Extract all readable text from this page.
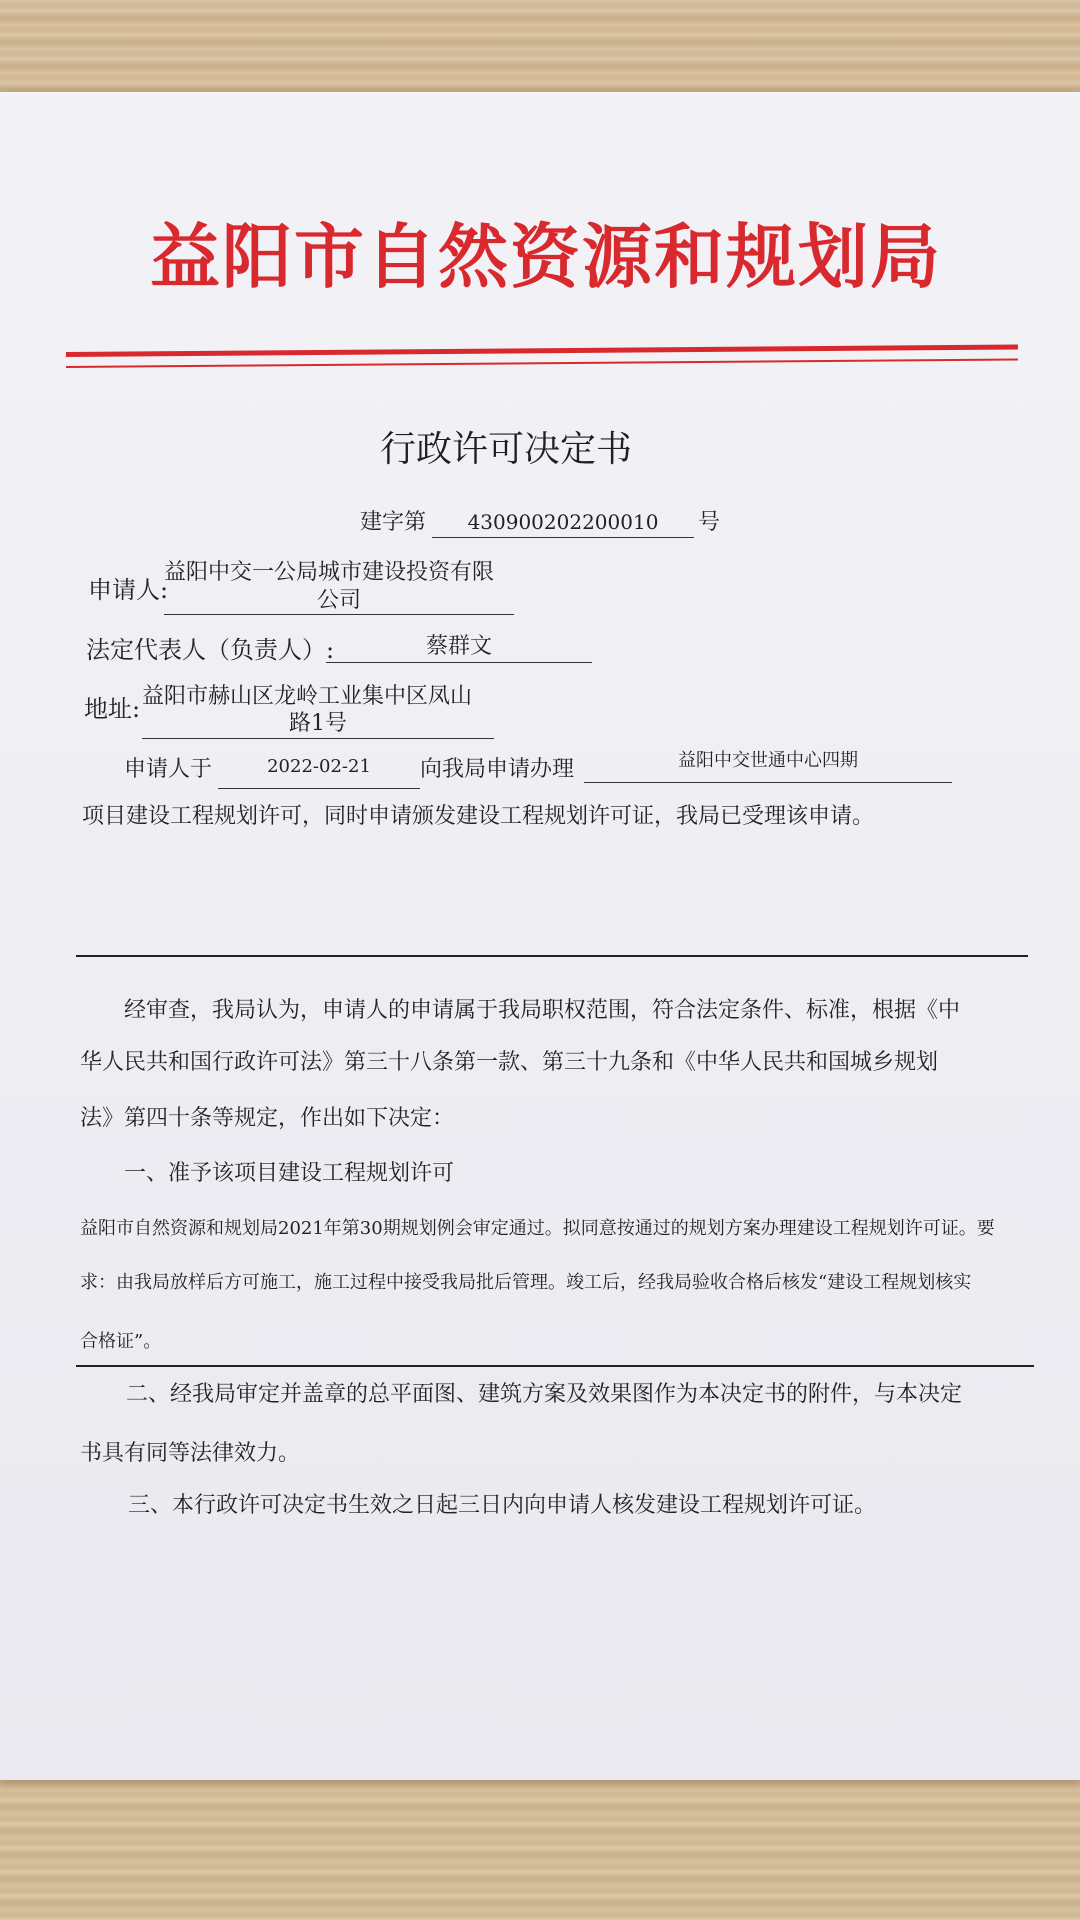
益阳市自然资源和规划局
行政许可决定书
建字第	430900202200010	号
申请人:
益阳中交一公局城市建设投资有限
公司
法定代表人（负责人）:	蔡群文
地址: 益阳市赫山区龙岭工业集中区凤山
路1号
申请人于	2022-02-21	向我局申请办理	益阳中交世通中心四期
项目建设工程规划许可，同时申请颁发建设工程规划许可证，我局已受理该申请。
经审查，我局认为，申请人的申请属于我局职权范围，符合法定条件、标准，根据《中
华人民共和国行政许可法》第三十八条第一款、第三十九条和《中华人民共和国城乡规划
法》第四十条等规定，作出如下决定：
一、准予该项目建设工程规划许可
益阳市自然资源和规划局2021年第30期规划例会审定通过。拟同意按通过的规划方案办理建设工程规划许可证。要
求：由我局放样后方可施工，施工过程中接受我局批后管理。竣工后，经我局验收合格后核发“建设工程规划核实
合格证”。
二、经我局审定并盖章的总平面图、建筑方案及效果图作为本决定书的附件，与本决定
书具有同等法律效力。
三、本行政许可决定书生效之日起三日内向申请人核发建设工程规划许可证。
